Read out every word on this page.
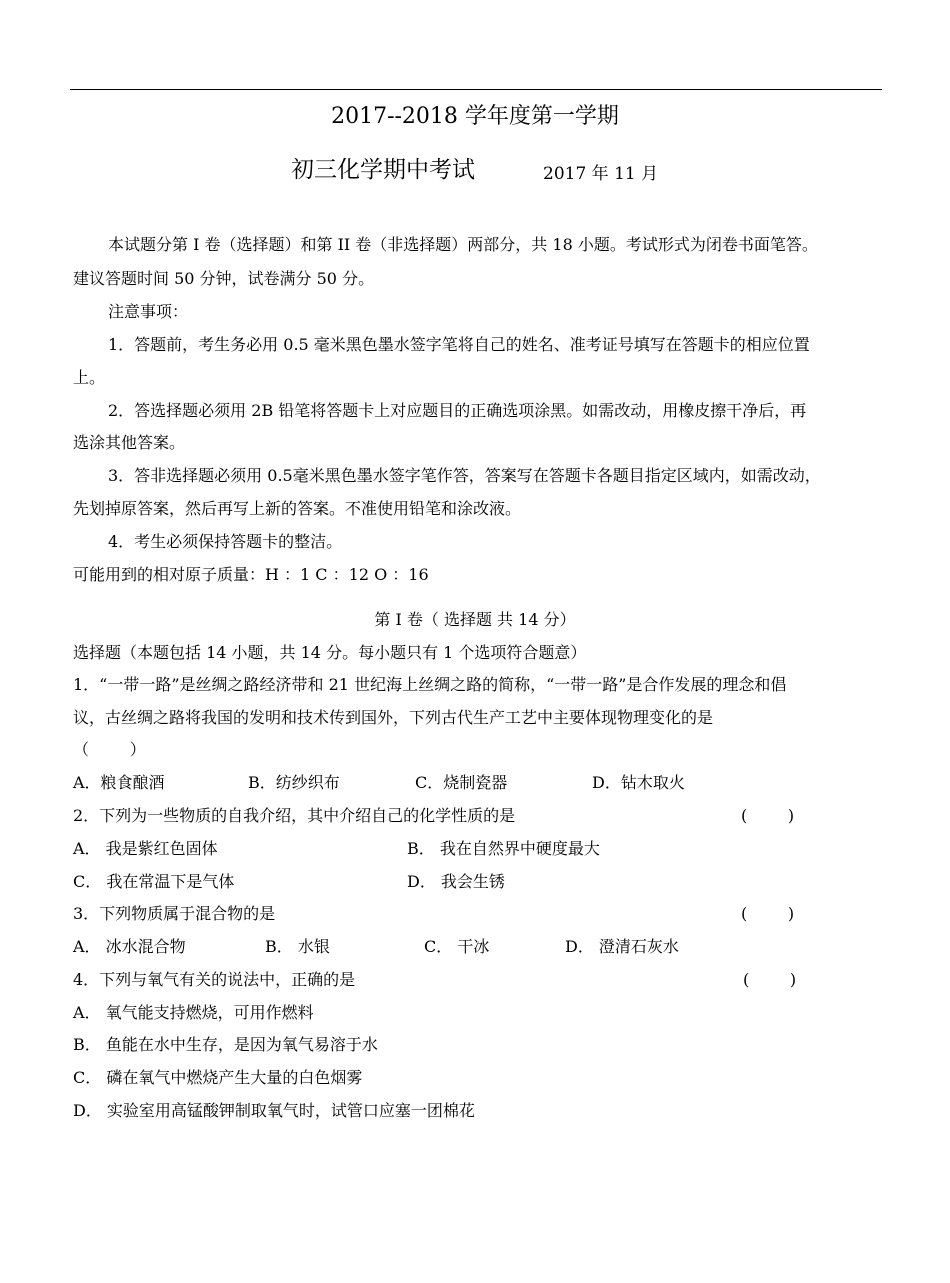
2017--2018 学年度第一学期
初三化学期中考试	2017 年 11 月
本试题分第 I 卷（选择题）和第 II 卷（非选择题）两部分，共 18 小题。考试形式为闭卷书面笔答。
建议答题时间 50 分钟，试卷满分 50 分。
注意事项：
1．答题前，考生务必用 0.5 毫米黑色墨水签字笔将自己的姓名、准考证号填写在答题卡的相应位置
上。
2．答选择题必须用 2B 铅笔将答题卡上对应题目的正确选项涂黑。如需改动，用橡皮擦干净后，再
选涂其他答案。
3．答非选择题必须用 0.5毫米黑色墨水签字笔作答，答案写在答题卡各题目指定区域内，如需改动，
先划掉原答案，然后再写上新的答案。不准使用铅笔和涂改液。
4．考生必须保持答题卡的整洁。
可能用到的相对原子质量：H ：1 C ：12 O ：16
第 I 卷（ 选择题 共 14 分）
选择题（本题包括 14 小题，共 14 分。每小题只有 1 个选项符合题意）
1．“一带一路”是丝绸之路经济带和 21 世纪海上丝绸之路的简称，“一带一路”是合作发展的理念和倡
议，古丝绸之路将我国的发明和技术传到国外，下列古代生产工艺中主要体现物理变化的是
（        ）
A．粮食酿酒	B．纺纱织布	C．烧制瓷器	D．钻木取火
2．下列为一些物质的自我介绍，其中介绍自己的化学性质的是	(        )
A． 我是紫红色固体	B． 我在自然界中硬度最大
C． 我在常温下是气体	D． 我会生锈
3．下列物质属于混合物的是	(        )
A． 冰水混合物	B． 水银	C． 干冰	D． 澄清石灰水
4．下列与氧气有关的说法中，正确的是	(        )
A． 氧气能支持燃烧，可用作燃料
B． 鱼能在水中生存，是因为氧气易溶于水
C． 磷在氧气中燃烧产生大量的白色烟雾
D． 实验室用高锰酸钾制取氧气时，试管口应塞一团棉花
